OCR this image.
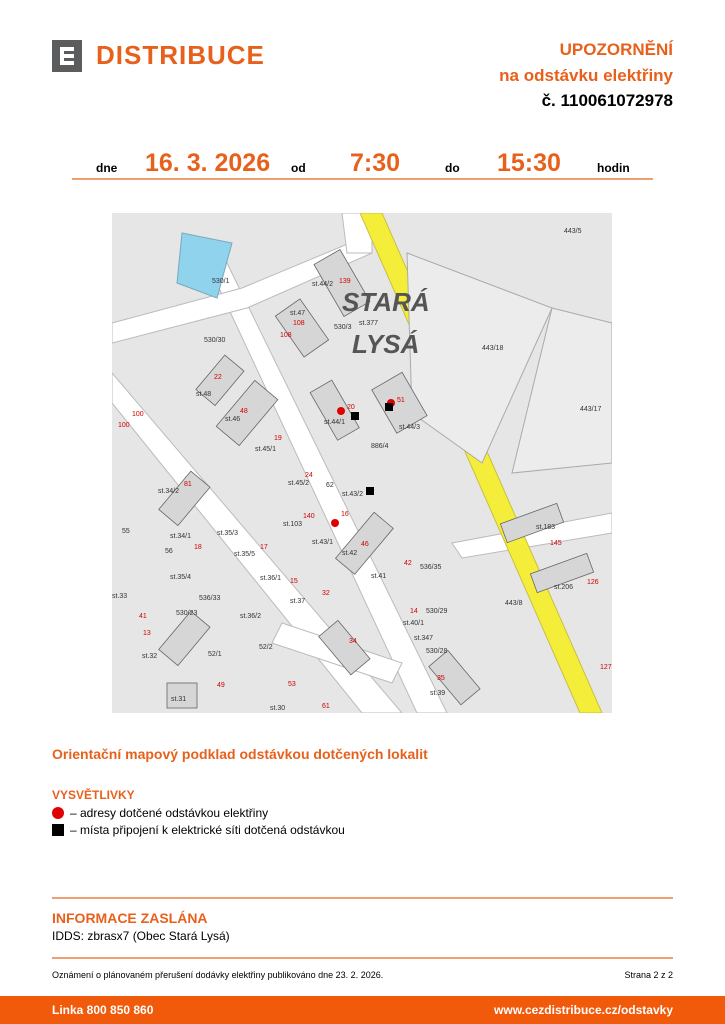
DISTRIBUCE	UPOZORNĚNÍ
na odstávku elektřiny
č. 110061072978
dne 16. 3. 2026 od 7:30	do 15:30	hodin
STARÁ
LYSÁ
530/1	st.44/2 139
st.47
108
108
530/3
st.377
443/5
443/18
443/17
530/30
22
st.48
100
100
48
st.46
20
st.44/1
51
st.44/3
886/4
19
st.45/1
24
st.45/2 62
st.43/2
81
st.34/2
140	16
st.103
st.43/1	46
st.42
55
st.34/1
18
st.35/3
56	st.35/5
17
42
536/35
st.41
st.183
145
st.35/4	st.36/1 15
32
st.37
126
st.206
536/33
530/23
41
st.33
st.36/2
14
st.40/1
530/29
443/8
13
st.32	52/1
52/2
34	st.347
530/28
127
49	53
35
st.39
st.31
st.30	61
Orientační mapový podklad odstávkou dotčených lokalit
VYSVĚTLIVKY
– adresy dotčené odstávkou elektřiny
– místa připojení k elektrické síti dotčená odstávkou
INFORMACE ZASLÁNA
IDDS: zbrasx7 (Obec Stará Lysá)
Oznámení o plánovaném přerušení dodávky elektřiny publikováno dne 23. 2. 2026.	Strana 2 z 2
Linka 800 850 860	www.cezdistribuce.cz/odstavky
